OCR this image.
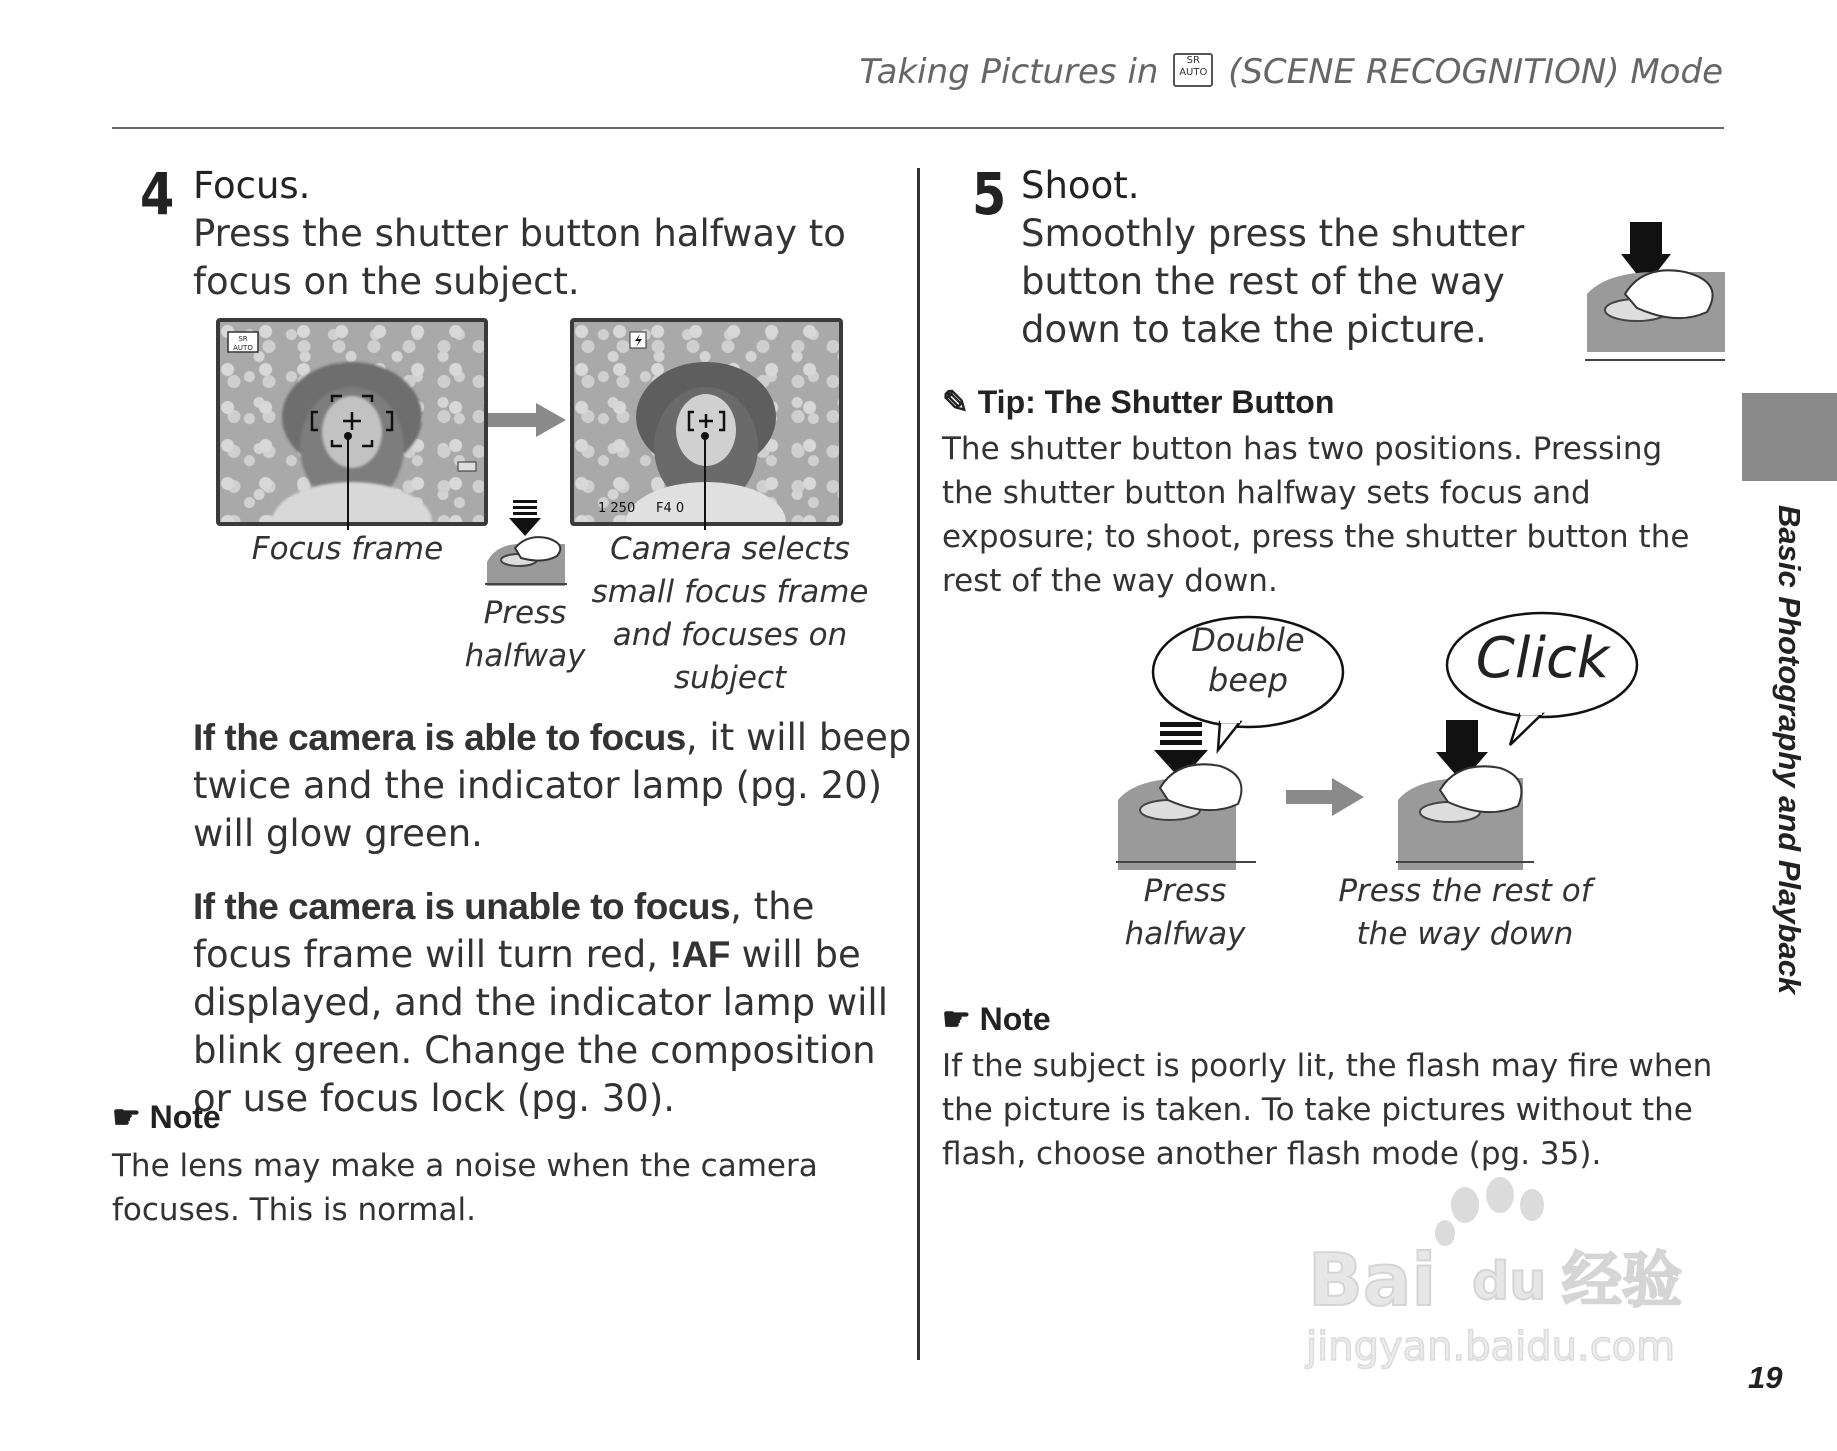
Taking Pictures in	SR
AUTO (SCENE RECOGNITION) Mode
4 Focus.
Press the shutter button halfway to focus on the subject.
SR
AUTO
1 250 F4 0
Focus frame
Press halfway
Camera selects small focus frame and focuses on subject
If the camera is able to focus, it will beep twice and the indicator lamp (pg. 20) will glow green.
If the camera is unable to focus, the focus frame will turn red, !AF will be displayed, and the indicator lamp will blink green. Change the composition or use focus lock (pg. 30).
☛ Note
The lens may make a noise when the camera focuses. This is normal.
5 Shoot.
Smoothly press the shutter button the rest of the way down to take the picture.
✎ Tip: The Shutter Button
The shutter button has two positions. Pressing the shutter button halfway sets focus and exposure; to shoot, press the shutter button the rest of the way down.
Double beep	Click
Press halfway
Press the rest of the way down
☛ Note
If the subject is poorly lit, the flash may fire when the picture is taken. To take pictures without the flash, choose another flash mode (pg. 35).
Basic Photography and Playback
19
Bai du 经验
jingyan.baidu.com
